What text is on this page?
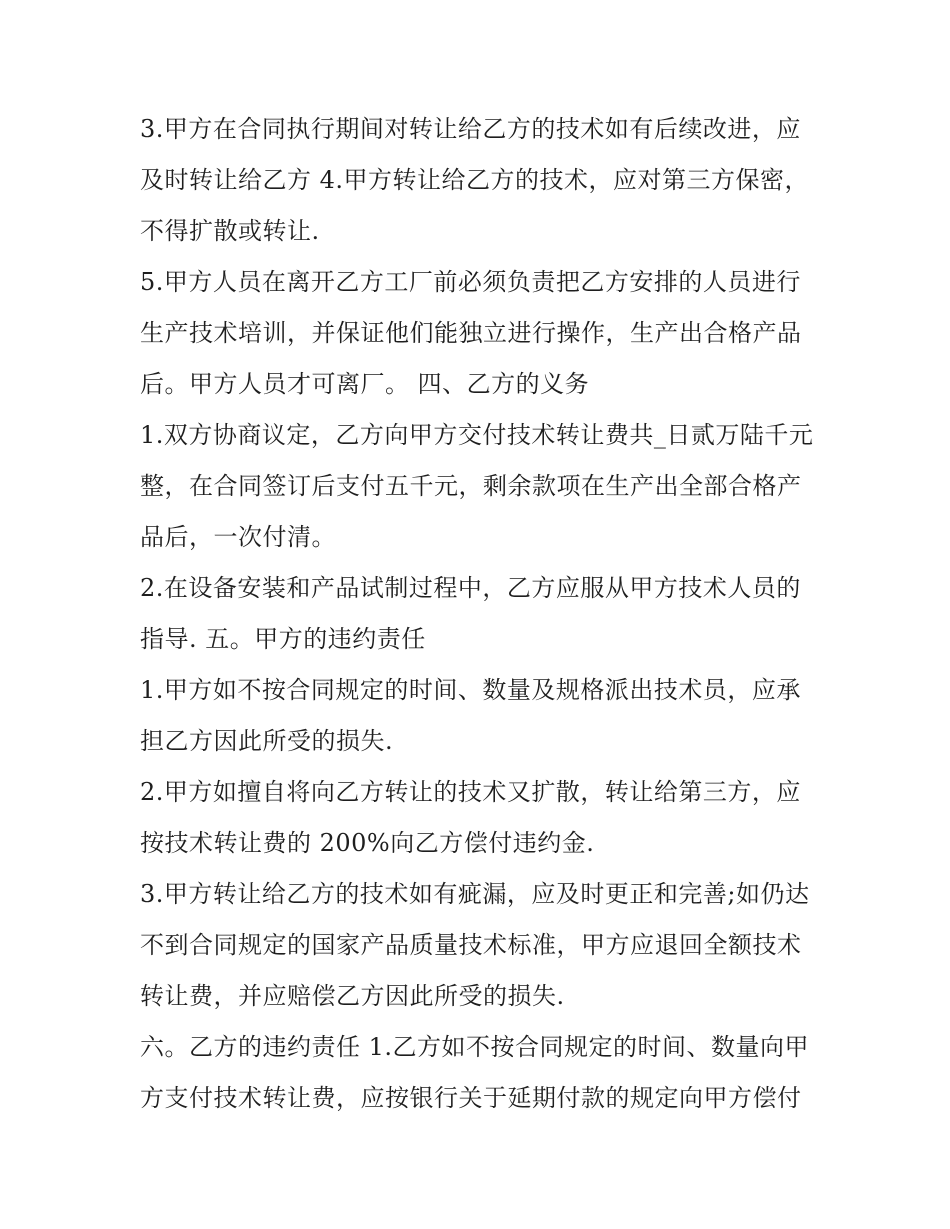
3.甲方在合同执行期间对转让给乙方的技术如有后续改进，应
及时转让给乙方 4.甲方转让给乙方的技术，应对第三方保密，
不得扩散或转让.
5.甲方人员在离开乙方工厂前必须负责把乙方安排的人员进行
生产技术培训，并保证他们能独立进行操作，生产出合格产品
后。甲方人员才可离厂。 四、乙方的义务
1.双方协商议定，乙方向甲方交付技术转让费共_日贰万陆千元
整，在合同签订后支付五千元，剩余款项在生产出全部合格产
品后，一次付清。
2.在设备安装和产品试制过程中，乙方应服从甲方技术人员的
指导. 五。甲方的违约责任
1.甲方如不按合同规定的时间、数量及规格派出技术员，应承
担乙方因此所受的损失.
2.甲方如擅自将向乙方转让的技术又扩散，转让给第三方，应
按技术转让费的 200%向乙方偿付违约金.
3.甲方转让给乙方的技术如有疵漏，应及时更正和完善;如仍达
不到合同规定的国家产品质量技术标准，甲方应退回全额技术
转让费，并应赔偿乙方因此所受的损失.
六。乙方的违约责任 1.乙方如不按合同规定的时间、数量向甲
方支付技术转让费，应按银行关于延期付款的规定向甲方偿付
